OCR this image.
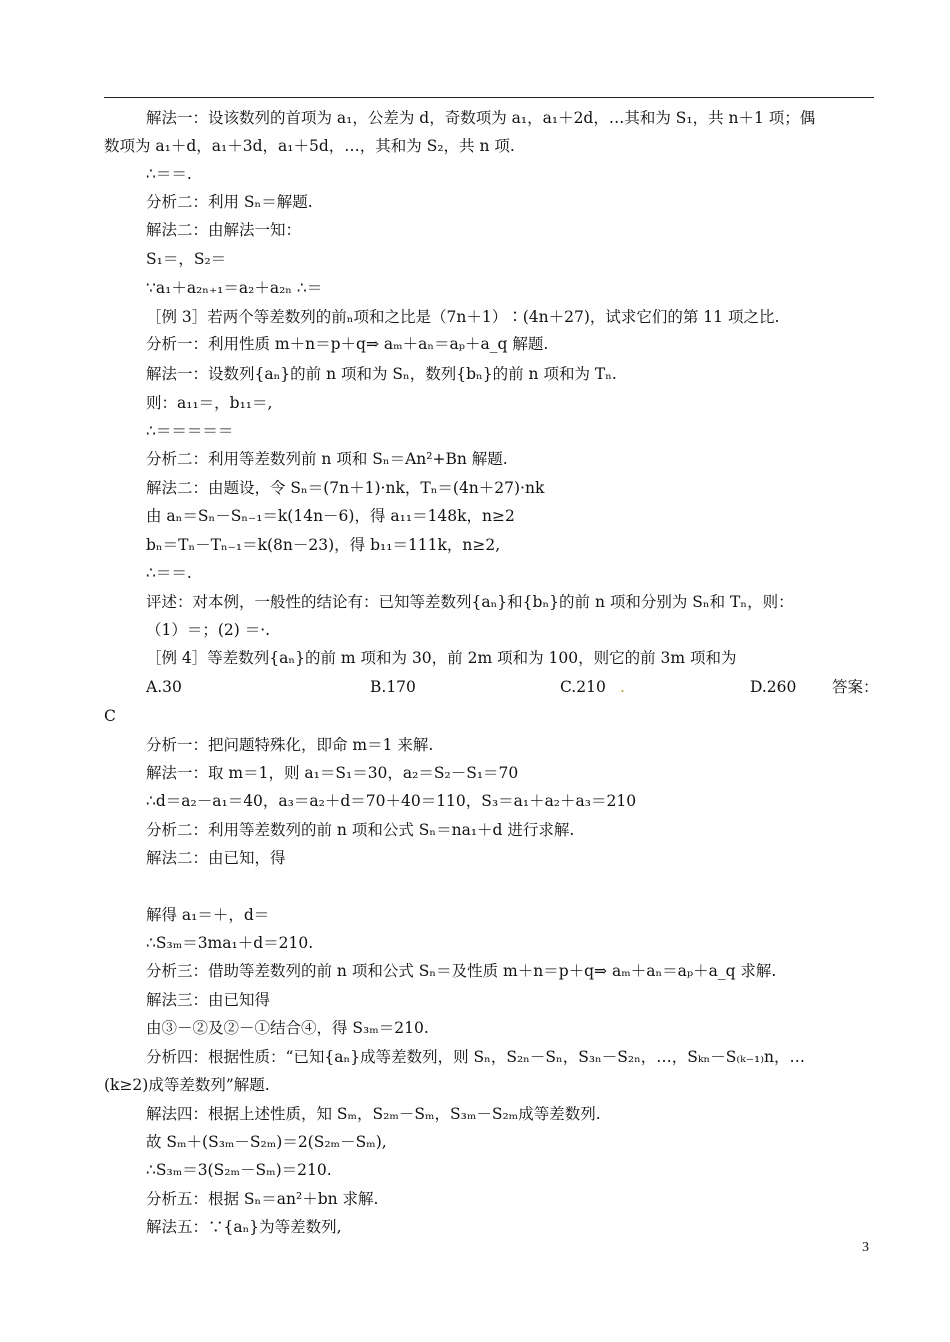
解法一：设该数列的首项为 a₁，公差为 d，奇数项为 a₁，a₁＋2d，…其和为 S₁，共 n＋1 项；偶
数项为 a₁＋d，a₁＋3d，a₁＋5d，…，其和为 S₂，共 n 项.
∴＝＝.
分析二：利用 Sₙ＝解题.
解法二：由解法一知：
S₁＝，S₂＝
∵a₁＋a₂ₙ₊₁＝a₂＋a₂ₙ ∴＝
［例 3］若两个等差数列的前ₙ项和之比是（7n＋1）∶(4n＋27)，试求它们的第 11 项之比.
分析一：利用性质 m＋n＝p＋q⇒ aₘ＋aₙ＝aₚ＋a_q 解题.
解法一：设数列{aₙ}的前 n 项和为 Sₙ，数列{bₙ}的前 n 项和为 Tₙ.
则：a₁₁＝，b₁₁＝,
∴＝＝＝＝＝
分析二：利用等差数列前 n 项和 Sₙ＝An²+Bn 解题.
解法二：由题设，令 Sₙ＝(7n＋1)·nk，Tₙ＝(4n＋27)·nk
由 aₙ＝Sₙ－Sₙ₋₁＝k(14n－6)，得 a₁₁＝148k，n≥2
bₙ＝Tₙ－Tₙ₋₁＝k(8n－23)，得 b₁₁＝111k，n≥2,
∴＝＝.
评述：对本例，一般性的结论有：已知等差数列{aₙ}和{bₙ}的前 n 项和分别为 Sₙ和 Tₙ，则：
（1）＝；(2) ＝·.
［例 4］等差数列{aₙ}的前 m 项和为 30，前 2m 项和为 100，则它的前 3m 项和为
A.30	B.170	C.210 .	D.260 答案：
C
分析一：把问题特殊化，即命 m＝1 来解.
解法一：取 m＝1，则 a₁＝S₁＝30，a₂＝S₂－S₁＝70
∴d＝a₂－a₁＝40，a₃＝a₂＋d＝70＋40＝110，S₃＝a₁＋a₂＋a₃＝210
分析二：利用等差数列的前 n 项和公式 Sₙ＝na₁＋d 进行求解.
解法二：由已知，得
解得 a₁＝＋，d＝
∴S₃ₘ＝3ma₁＋d＝210.
分析三：借助等差数列的前 n 项和公式 Sₙ＝及性质 m＋n＝p＋q⇒ aₘ＋aₙ＝aₚ＋a_q 求解.
解法三：由已知得
由③－②及②－①结合④，得 S₃ₘ＝210.
分析四：根据性质：“已知{aₙ}成等差数列，则 Sₙ，S₂ₙ－Sₙ，S₃ₙ－S₂ₙ，…，Sₖₙ－S₍ₖ₋₁₎n，…
(k≥2)成等差数列”解题.
解法四：根据上述性质，知 Sₘ，S₂ₘ－Sₘ，S₃ₘ－S₂ₘ成等差数列.
故 Sₘ＋(S₃ₘ－S₂ₘ)＝2(S₂ₘ－Sₘ),
∴S₃ₘ＝3(S₂ₘ－Sₘ)＝210.
分析五：根据 Sₙ＝an²＋bn 求解.
解法五：∵{aₙ}为等差数列,
3
